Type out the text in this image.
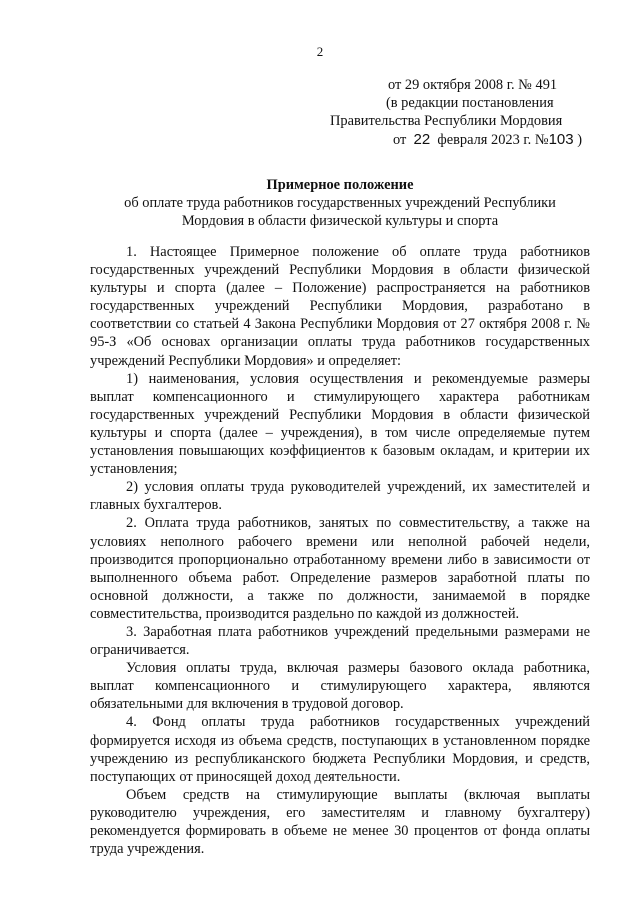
2
от 29 октября 2008 г. № 491
(в редакции постановления
Правительства Республики Мордовия
от 22 февраля 2023 г. №103 )
Примерное положение
об оплате труда работников государственных учреждений Республики
Мордовия в области физической культуры и спорта

1. Настоящее Примерное положение об оплате труда работников государственных учреждений Республики Мордовия в области физической культуры и спорта (далее – Положение) распространяется на работников государственных учреждений Республики Мордовия, разработано в соответствии со статьей 4 Закона Республики Мордовия от 27 октября 2008 г. № 95-З «Об основах организации оплаты труда работников государственных учреждений Республики Мордовия» и определяет:

1) наименования, условия осуществления и рекомендуемые размеры выплат компенсационного и стимулирующего характера работникам государственных учреждений Республики Мордовия в области физической культуры и спорта (далее – учреждения), в том числе определяемые путем установления повышающих коэффициентов к базовым окладам, и критерии их установления;

2) условия оплаты труда руководителей учреждений, их заместителей и главных бухгалтеров.

2. Оплата труда работников, занятых по совместительству, а также на условиях неполного рабочего времени или неполной рабочей недели, производится пропорционально отработанному времени либо в зависимости от выполненного объема работ. Определение размеров заработной платы по основной должности, а также по должности, занимаемой в порядке совместительства, производится раздельно по каждой из должностей.

3. Заработная плата работников учреждений предельными размерами не ограничивается.

Условия оплаты труда, включая размеры базового оклада работника, выплат компенсационного и стимулирующего характера, являются обязательными для включения в трудовой договор.

4. Фонд оплаты труда работников государственных учреждений формируется исходя из объема средств, поступающих в установленном порядке учреждению из республиканского бюджета Республики Мордовия, и средств, поступающих от приносящей доход деятельности.

Объем средств на стимулирующие выплаты (включая выплаты руководителю учреждения, его заместителям и главному бухгалтеру) рекомендуется формировать в объеме не менее 30 процентов от фонда оплаты труда учреждения.
